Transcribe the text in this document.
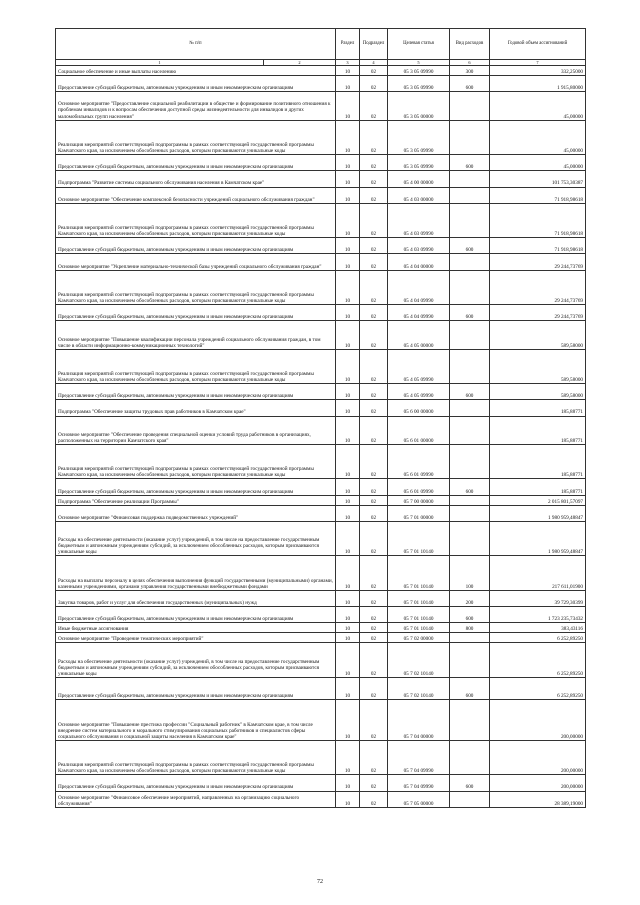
№ п/п		Раздел	Подраздел	Целевая статья	Вид расходов	Годовой объем ассигнований
1	2	3	4	5	6	7
Социальное обеспечение и иные выплаты населению		10	02	05 3 05 09990	300	332,25000
Предоставление субсидий бюджетным, автономным учреждениям и иным некоммерческим организациям		10	02	05 3 05 09990	600	1 915,80000
Основное мероприятие "Предоставление социальной реабилитации в обществе и формирование позитивного отношения к проблемам инвалидов и к вопросам обеспечения доступной среды жизнедеятельности для инвалидов и других маломобильных групп населения"		10	02	05 3 05 00000		45,00000
Реализация мероприятий соответствующей подпрограммы в рамках соответствующей государственной программы Камчатского края, за исключением обособленных расходов, которым присваиваются уникальные коды		10	02	05 3 05 09990		45,00000
Предоставление субсидий бюджетным, автономным учреждениям и иным некоммерческим организациям		10	02	05 3 05 09990	600	45,00000
Подпрограмма "Развитие системы социального обслуживания населения в Камчатском крае"		10	02	05 4 00 00000		101 753,30387
Основное мероприятие "Обеспечение комплексной безопасности учреждений социального обслуживания граждан"		10	02	05 4 03 00000		71 918,98618
Реализация мероприятий соответствующей подпрограммы в рамках соответствующей государственной программы Камчатского края, за исключением обособленных расходов, которым присваиваются уникальные коды		10	02	05 4 03 09990		71 918,98618
Предоставление субсидий бюджетным, автономным учреждениям и иным некоммерческим организациям		10	02	05 4 03 09990	600	71 918,98618
Основное мероприятие "Укрепление материально-технической базы учреждений социального обслуживания граждан"		10	02	05 4 04 00000		29 244,73769
Реализация мероприятий соответствующей подпрограммы в рамках соответствующей государственной программы Камчатского края, за исключением обособленных расходов, которым присваиваются уникальные коды		10	02	05 4 04 09990		29 244,73769
Предоставление субсидий бюджетным, автономным учреждениям и иным некоммерческим организациям		10	02	05 4 04 09990	600	29 244,73769
Основное мероприятие "Повышение квалификации персонала учреждений социального обслуживания граждан, в том числе в области информационно-коммуникационных технологий"		10	02	05 4 05 00000		589,58000
Реализация мероприятий соответствующей подпрограммы в рамках соответствующей государственной программы Камчатского края, за исключением обособленных расходов, которым присваиваются уникальные коды		10	02	05 4 05 09990		589,58000
Предоставление субсидий бюджетным, автономным учреждениям и иным некоммерческим организациям		10	02	05 4 05 09990	600	589,58000
Подпрограмма "Обеспечение защиты трудовых прав работников в Камчатском крае"		10	02	05 6 00 00000		185,88771
Основное мероприятие "Обеспечение проведения специальной оценки условий труда работников в организациях, расположенных на территории Камчатского края"		10	02	05 6 01 00000		185,88771
Реализация мероприятий соответствующей подпрограммы в рамках соответствующей государственной программы Камчатского края, за исключением обособленных расходов, которым присваиваются уникальные коды		10	02	05 6 01 09990		185,88771
Предоставление субсидий бюджетным, автономным учреждениям и иным некоммерческим организациям		10	02	05 6 01 09990	600	185,88771
Подпрограмма "Обеспечение реализации Программы"		10	02	05 7 00 00000		2 015 801,57097
Основное мероприятие "Финансовая поддержка подведомственных учреждений"		10	02	05 7 01 00000		1 980 959,48847
Расходы на обеспечение деятельности (оказание услуг) учреждений, в том числе на предоставление государственным бюджетным и автономным учреждениям субсидий, за исключением обособленных расходов, которым присваиваются уникальные коды		10	02	05 7 01 10140		1 980 959,48847
Расходы на выплаты персоналу в целях обеспечения выполнения функций государственными (муниципальными) органами, казенными учреждениями, органами управления государственными внебюджетными фондами		10	02	05 7 01 10140	100	217 611,01900
Закупка товаров, работ и услуг для обеспечения государственных (муниципальных) нужд		10	02	05 7 01 10140	200	39 729,30399
Предоставление субсидий бюджетным, автономным учреждениям и иным некоммерческим организациям		10	02	05 7 01 10140	600	1 723 235,73432
Иные бюджетные ассигнования		10	02	05 7 01 10140	800	383,43116
Основное мероприятие "Проведение тематических мероприятий"		10	02	05 7 02 00000		6 252,89250
Расходы на обеспечение деятельности (оказание услуг) учреждений, в том числе на предоставление государственным бюджетным и автономным учреждениям субсидий, за исключением обособленных расходов, которым присваиваются уникальные коды		10	02	05 7 02 10140		6 252,89250
Предоставление субсидий бюджетным, автономным учреждениям и иным некоммерческим организациям		10	02	05 7 02 10140	600	6 252,89250
Основное мероприятие "Повышение престижа профессии "Социальный работник" в Камчатском крае, в том числе внедрение систем материального и морального стимулирования социальных работников и специалистов сферы социального обслуживания и социальной защиты населения в Камчатском крае"		10	02	05 7 04 00000		200,00000
Реализация мероприятий соответствующей подпрограммы в рамках соответствующей государственной программы Камчатского края, за исключением обособленных расходов, которым присваиваются уникальные коды		10	02	05 7 04 09990		200,00000
Предоставление субсидий бюджетным, автономным учреждениям и иным некоммерческим организациям		10	02	05 7 04 09990	600	200,00000
Основное мероприятие "Финансовое обеспечение мероприятий, направленных на организацию социального обслуживания"		10	02	05 7 05 00000		28 389,19000
72
